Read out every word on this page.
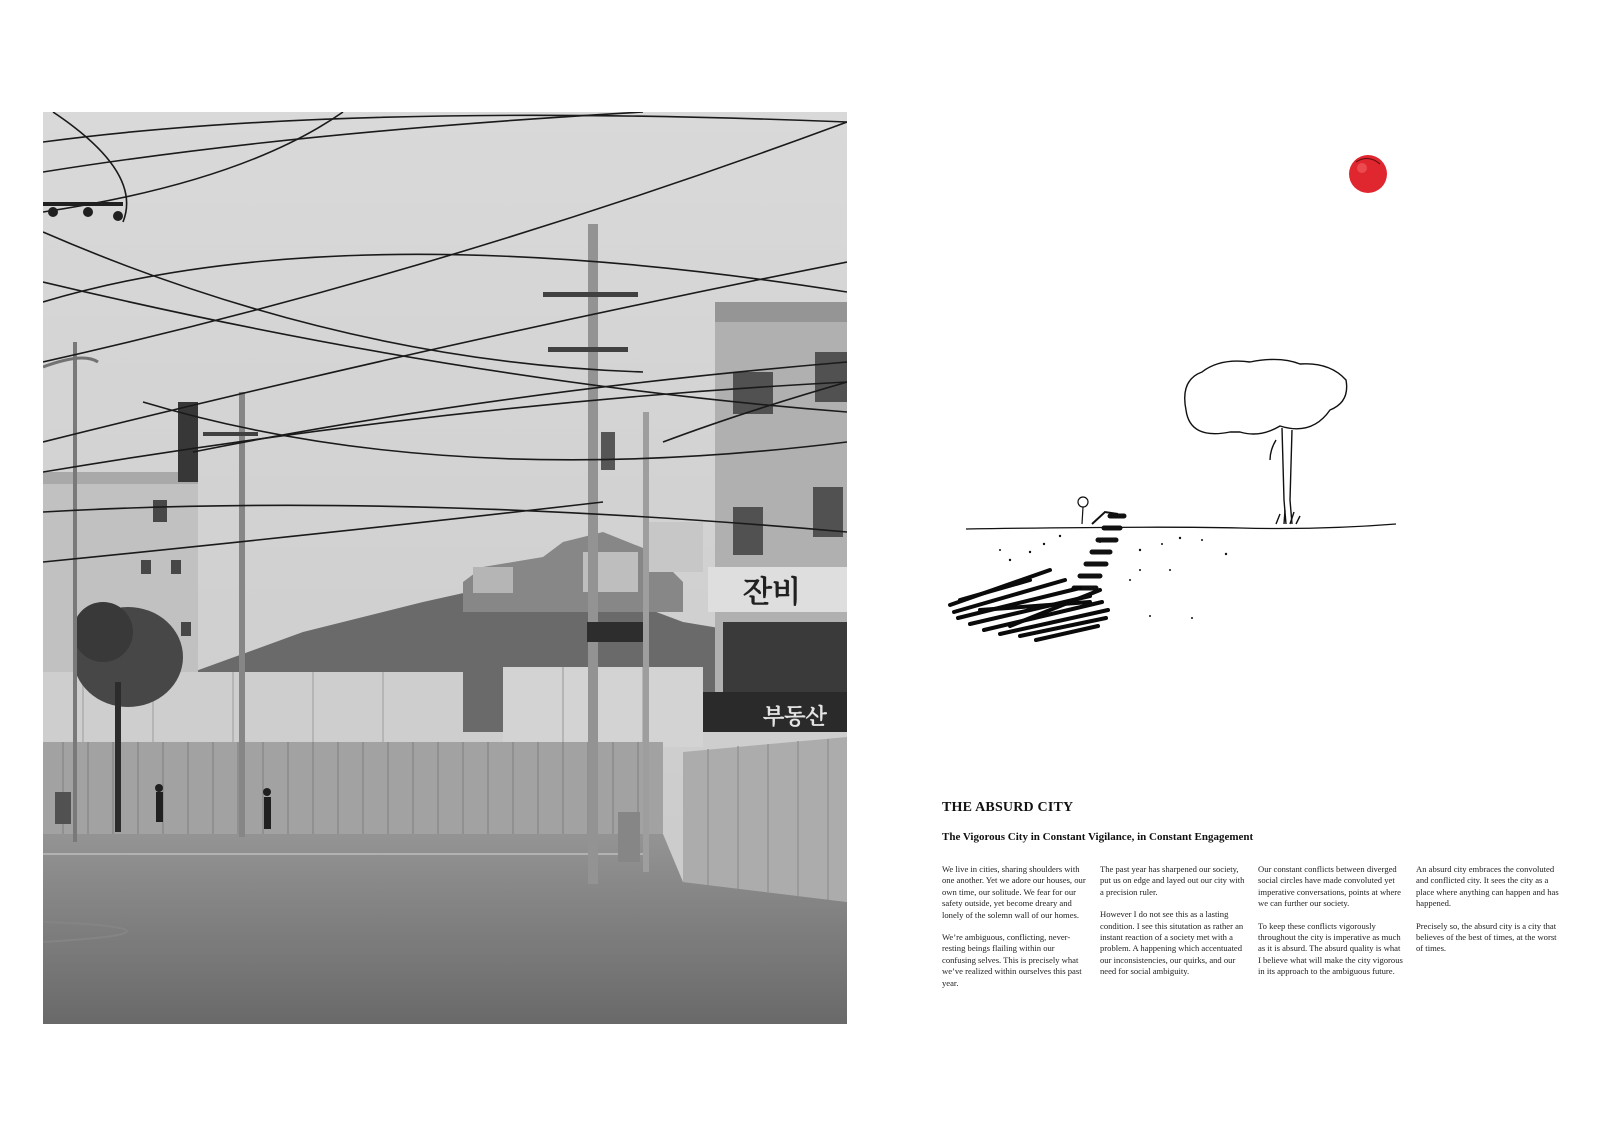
잔비
부동산
THE ABSURD CITY
The Vigorous City in Constant Vigilance, in Constant Engagement

We live in cities, sharing shoulders with one another. Yet we adore our houses, our own time, our solitude. We fear for our safety outside, yet become dreary and lonely of the solemn wall of our homes.

We’re ambiguous, conflicting, never-resting beings flailing within our confusing selves. This is precisely what we’ve realized within ourselves this past year.

The past year has sharpened our society, put us on edge and layed out our city with a precision ruler.

However I do not see this as a lasting condition. I see this situtation as rather an instant reaction of a society met with a problem. A happening which accentuated our inconsistencies, our quirks, and our need for social ambiguity.

Our constant conflicts between diverged social circles have made convoluted yet imperative conversations, points at where we can further our society.

To keep these conflicts vigorously throughout the city is imperative as much as it is absurd. The absurd quality is what I believe what will make the city vigorous in its approach to the ambiguous future.

An absurd city embraces the convoluted and conflicted city. It sees the city as a place where anything can happen and has happened.

Precisely so, the absurd city is a city that believes of the best of times, at the worst of times.
